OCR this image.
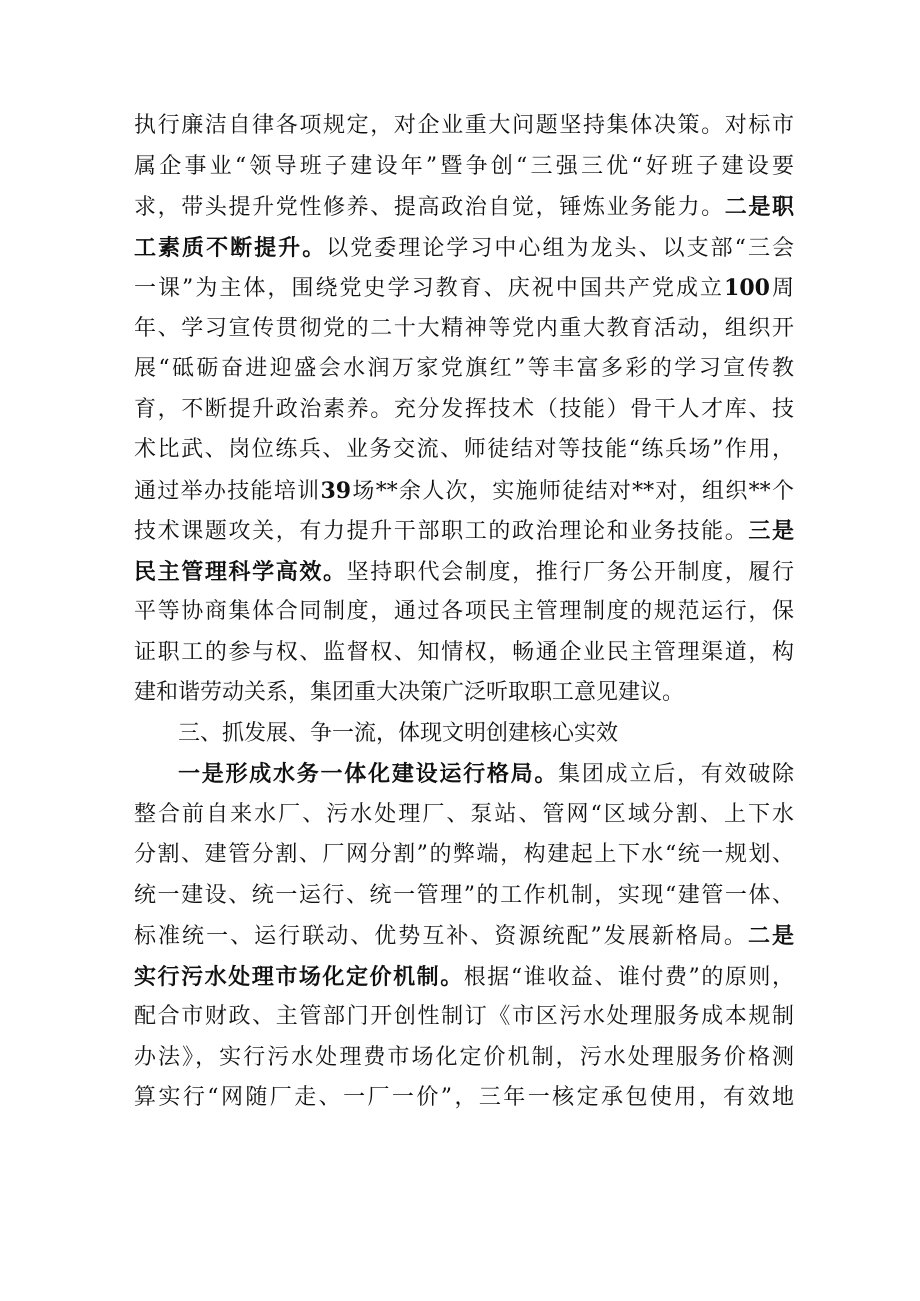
执行廉洁自律各项规定，对企业重大问题坚持集体决策。对标市
属企事业“领导班子建设年”暨争创“三强三优“好班子建设要
求，带头提升党性修养、提高政治自觉，锤炼业务能力。二是职
工素质不断提升。以党委理论学习中心组为龙头、以支部“三会
一课”为主体，围绕党史学习教育、庆祝中国共产党成立100周
年、学习宣传贯彻党的二十大精神等党内重大教育活动，组织开
展“砥砺奋进迎盛会水润万家党旗红”等丰富多彩的学习宣传教
育，不断提升政治素养。充分发挥技术（技能）骨干人才库、技
术比武、岗位练兵、业务交流、师徒结对等技能“练兵场”作用，
通过举办技能培训39场**余人次，实施师徒结对**对，组织**个
技术课题攻关，有力提升干部职工的政治理论和业务技能。三是
民主管理科学高效。坚持职代会制度，推行厂务公开制度，履行
平等协商集体合同制度，通过各项民主管理制度的规范运行，保
证职工的参与权、监督权、知情权，畅通企业民主管理渠道，构
建和谐劳动关系，集团重大决策广泛听取职工意见建议。
三、抓发展、争一流，体现文明创建核心实效
一是形成水务一体化建设运行格局。集团成立后，有效破除
整合前自来水厂、污水处理厂、泵站、管网“区域分割、上下水
分割、建管分割、厂网分割”的弊端，构建起上下水“统一规划、
统一建设、统一运行、统一管理”的工作机制，实现“建管一体、
标准统一、运行联动、优势互补、资源统配”发展新格局。二是
实行污水处理市场化定价机制。根据“谁收益、谁付费”的原则，
配合市财政、主管部门开创性制订《市区污水处理服务成本规制
办法》，实行污水处理费市场化定价机制，污水处理服务价格测
算实行“网随厂走、一厂一价”，三年一核定承包使用，有效地
